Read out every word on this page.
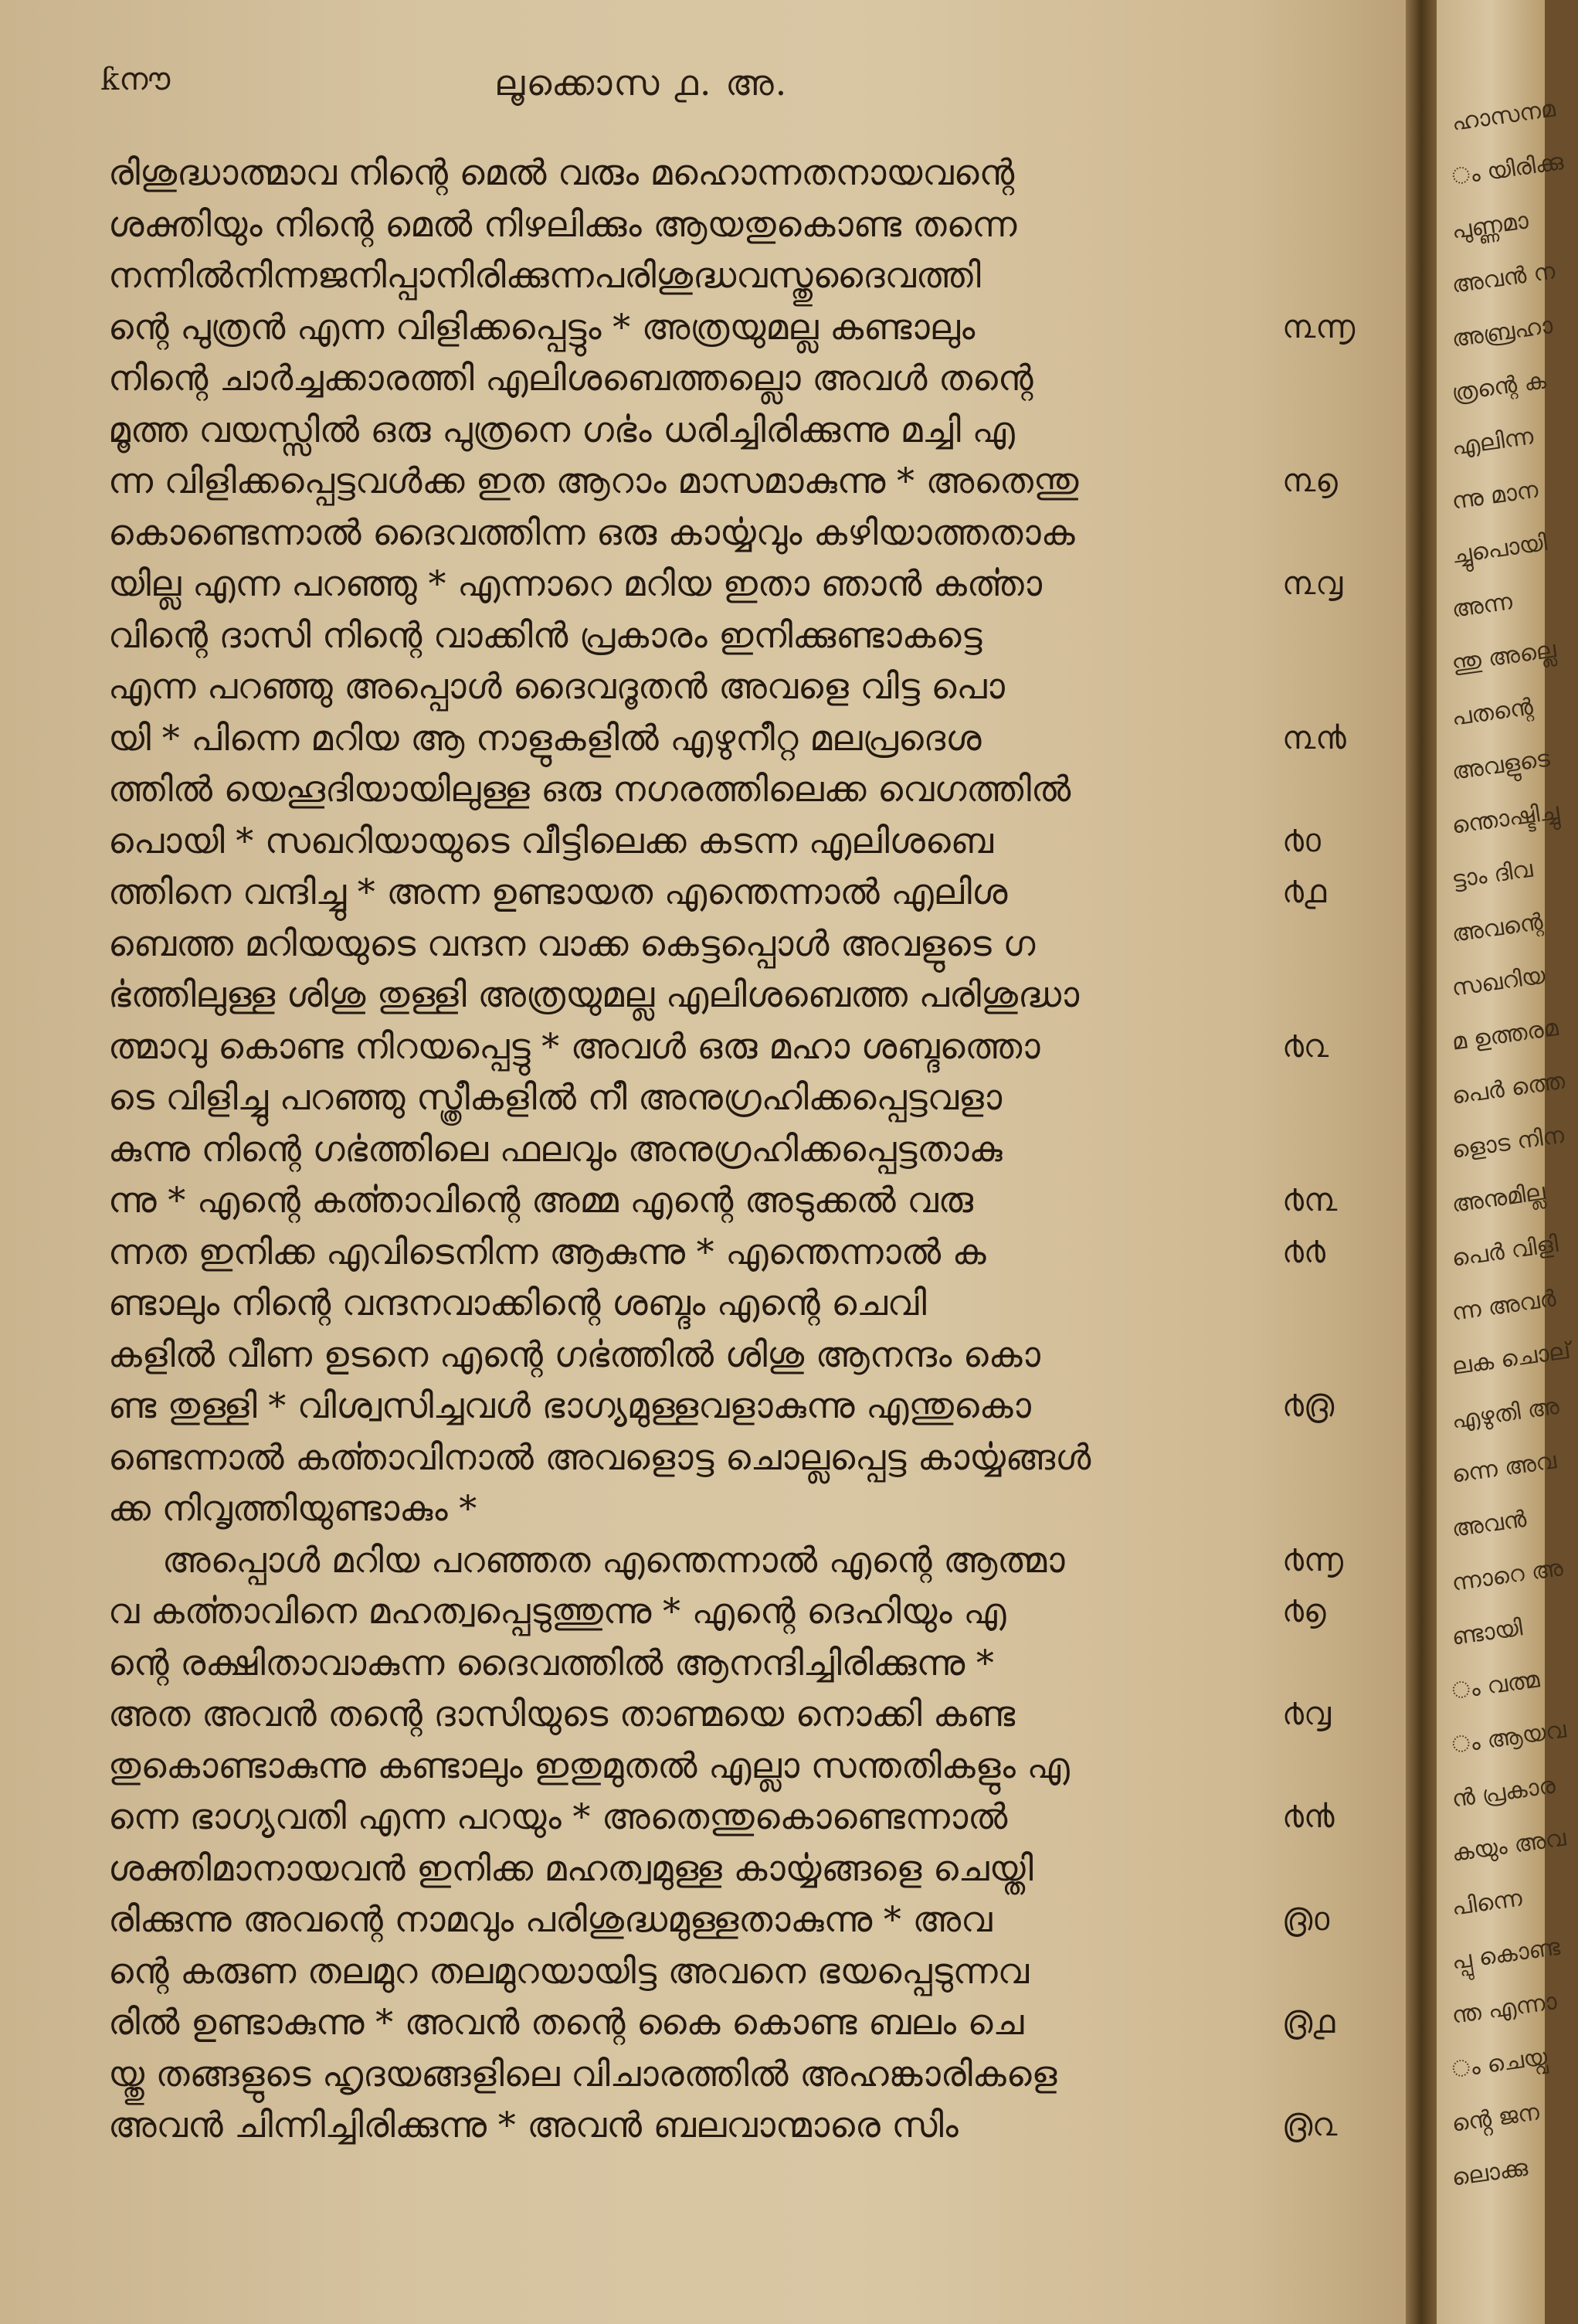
ƙനൗ	ലൂക്കൊസ ൧. അ.
രിശുദ്ധാത്മാവ നിന്റെ മെൽ വരും മഹൊന്നതനായവന്റെ
ശക്തിയും നിന്റെ മെൽ നിഴലിക്കും ആയതുകൊണ്ട തന്നെ
നന്നിൽനിന്നജനിപ്പാനിരിക്കുന്നപരിശുദ്ധവസ്തുദൈവത്തി
ന്റെ പുത്രൻ എന്ന വിളിക്കപ്പെട്ടും * അത്രയുമല്ല കണ്ടാലും	൩൬
നിന്റെ ചാർച്ചക്കാരത്തി എലിശബെത്തല്ലൊ അവൾ തന്റെ
മൂത്ത വയസ്സിൽ ഒരു പുത്രനെ ഗൎഭം ധരിച്ചിരിക്കുന്നു മച്ചി എ
ന്ന വിളിക്കപ്പെട്ടവൾക്ക ഇത ആറാം മാസമാകുന്നു * അതെന്തു	൩൭
കൊണ്ടെന്നാൽ ദൈവത്തിന്ന ഒരു കാൎയ്യവും കഴിയാത്തതാക
യില്ല എന്ന പറഞ്ഞു * എന്നാറെ മറിയ ഇതാ ഞാൻ കൎത്താ	൩൮
വിന്റെ ദാസി നിന്റെ വാക്കിൻ പ്രകാരം ഇനിക്കുണ്ടാകട്ടെ
എന്ന പറഞ്ഞു അപ്പൊൾ ദൈവദൂതൻ അവളെ വിട്ട പൊ
യി * പിന്നെ മറിയ ആ നാളുകളിൽ എഴുനീറ്റ മലപ്രദെശ	൩൯
ത്തിൽ യെഹൂദിയായിലുള്ള ഒരു നഗരത്തിലെക്ക വെഗത്തിൽ
പൊയി * സഖറിയായുടെ വീട്ടിലെക്ക കടന്ന എലിശബെ	൪൦
ത്തിനെ വന്ദിച്ചു * അന്ന ഉണ്ടായത എന്തെന്നാൽ എലിശ	൪൧
ബെത്ത മറിയയുടെ വന്ദന വാക്ക കെട്ടപ്പൊൾ അവളുടെ ഗ
ൎഭത്തിലുള്ള ശിശു തുള്ളി അത്രയുമല്ല എലിശബെത്ത പരിശുദ്ധാ
ത്മാവു കൊണ്ട നിറയപ്പെട്ടു * അവൾ ഒരു മഹാ ശബ്ദത്തൊ	൪൨
ടെ വിളിച്ചു പറഞ്ഞു സ്ത്രീകളിൽ നീ അനുഗ്രഹിക്കപ്പെട്ടവളാ
കുന്നു നിന്റെ ഗൎഭത്തിലെ ഫലവും അനുഗ്രഹിക്കപ്പെട്ടതാകു
ന്നു * എന്റെ കൎത്താവിന്റെ അമ്മ എന്റെ അടുക്കൽ വരു	൪൩
ന്നത ഇനിക്ക എവിടെനിന്ന ആകുന്നു * എന്തെന്നാൽ ക	൪൪
ണ്ടാലും നിന്റെ വന്ദനവാക്കിന്റെ ശബ്ദം എന്റെ ചെവി
കളിൽ വീണ ഉടനെ എന്റെ ഗൎഭത്തിൽ ശിശു ആനന്ദം കൊ
ണ്ട തുള്ളി * വിശ്വസിച്ചവൾ ഭാഗ്യമുള്ളവളാകുന്നു എന്തുകൊ	൪൫
ണ്ടെന്നാൽ കൎത്താവിനാൽ അവളൊട്ട ചൊല്ലപ്പെട്ട കാൎയ്യങ്ങൾ
ക്ക നിവൃത്തിയുണ്ടാകും *
അപ്പൊൾ മറിയ പറഞ്ഞത എന്തെന്നാൽ എന്റെ ആത്മാ	൪൬
വ കൎത്താവിനെ മഹത്വപ്പെടുത്തുന്നു * എന്റെ ദെഹിയും എ	൪൭
ന്റെ രക്ഷിതാവാകുന്ന ദൈവത്തിൽ ആനന്ദിച്ചിരിക്കുന്നു *
അത അവൻ തന്റെ ദാസിയുടെ താണ്മയെ നൊക്കി കണ്ട	൪൮
തുകൊണ്ടാകുന്നു കണ്ടാലും ഇതുമുതൽ എല്ലാ സന്തതികളും എ
ന്നെ ഭാഗ്യവതി എന്ന പറയും * അതെന്തുകൊണ്ടെന്നാൽ	൪൯
ശക്തിമാനായവൻ ഇനിക്ക മഹത്വമുള്ള കാൎയ്യങ്ങളെ ചെയ്തി
രിക്കുന്നു അവന്റെ നാമവും പരിശുദ്ധമുള്ളതാകുന്നു * അവ	൫൦
ന്റെ കരുണ തലമുറ തലമുറയായിട്ട അവനെ ഭയപ്പെടുന്നവ
രിൽ ഉണ്ടാകുന്നു * അവൻ തന്റെ കൈ കൊണ്ട ബലം ചെ	൫൧
യ്തു തങ്ങളുടെ ഹൃദയങ്ങളിലെ വിചാരത്തിൽ അഹങ്കാരികളെ
അവൻ ചിന്നിച്ചിരിക്കുന്നു * അവൻ ബലവാന്മാരെ സിം	൫൨
ഹാസനമ
ം യിരിക്കു
പുണ്ണമാ
അവൻ ന
അബ്രഹാ
ത്രന്റെ ക
എലിന്ന
ന്നു മാന
ച്ചുപൊയി
അന്ന
ന്തു അല്ലെ
പതന്റെ
അവളുടെ
ന്തൊഷ്ടിച്ചു
ട്ടാം ദിവ
അവന്റെ
സഖറിയ
മ ഉത്തരമ
പെർ ത്തെ
ളൊട നിന
അനുമില്ല
പെർ വിളി
ന്ന അവർ
ലക ചൊല്
എഴുതി അ
ന്നെ അവ
അവൻ
ന്നാറെ അ
ണ്ടായി
ം വത്മ
ം ആയവ
ൻ പ്രകാര
കയും അവ
പിന്നെ
പ്പു കൊണ്ട
ന്ത എന്നാ
ം ചെയ്വ
ൻ്റെ ജന
ലൊക്കു
